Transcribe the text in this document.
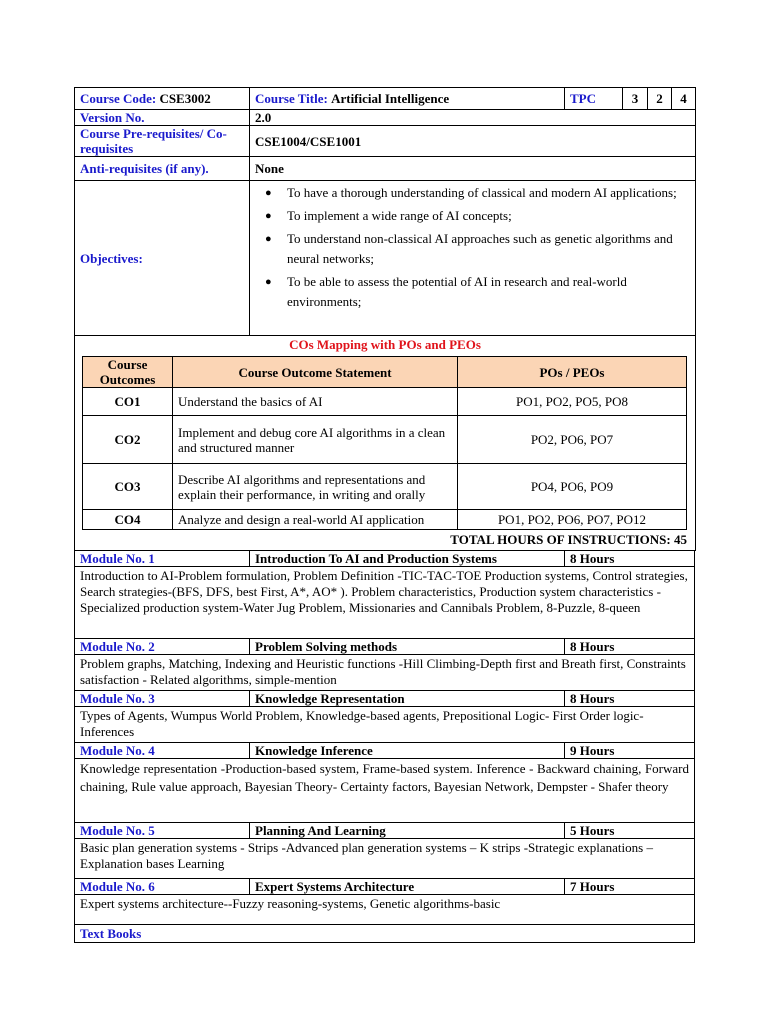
Course Code: CSE3002	Course Title: Artificial Intelligence	TPC	3	2	4
Version No.	2.0
Course Pre-requisites/ Co-requisites	CSE1004/CSE1001
Anti-requisites (if any).	None
Objectives:	
● To have a thorough understanding of classical and modern AI applications;
● To implement a wide range of AI concepts;
● To understand non-classical AI approaches such as genetic algorithms and neural networks;
● To be able to assess the potential of AI in research and real-world environments;

COs Mapping with POs and PEOs
Course Outcomes	Course Outcome Statement	POs / PEOs
CO1	Understand the basics of AI	PO1, PO2, PO5, PO8
CO2	Implement and debug core AI algorithms in a clean and structured manner	PO2, PO6, PO7
CO3	Describe AI algorithms and representations and explain their performance, in writing and orally	PO4, PO6, PO9
CO4	Analyze and design a real-world AI application	PO1, PO2, PO6, PO7, PO12
TOTAL HOURS OF INSTRUCTIONS: 45
Module No. 1	Introduction To AI and Production Systems	8 Hours
Introduction to AI-Problem formulation, Problem Definition -TIC-TAC-TOE Production systems, Control strategies, Search strategies-(BFS, DFS, best First, A*, AO* ). Problem characteristics, Production system characteristics -Specialized production system-Water Jug Problem, Missionaries and Cannibals Problem, 8-Puzzle, 8-queen		
Module No. 2	Problem Solving methods	8 Hours
Problem graphs, Matching, Indexing and Heuristic functions -Hill Climbing-Depth first and Breath first, Constraints satisfaction - Related algorithms, simple-mention		
Module No. 3	Knowledge Representation	8 Hours
Types of Agents, Wumpus World Problem, Knowledge-based agents, Prepositional Logic- First Order logic- Inferences		
Module No. 4	Knowledge Inference	9 Hours
Knowledge representation -Production-based system, Frame-based system. Inference - Backward chaining, Forward chaining, Rule value approach, Bayesian Theory- Certainty factors, Bayesian Network, Dempster - Shafer theory		
Module No. 5	Planning And Learning	5 Hours
Basic plan generation systems - Strips -Advanced plan generation systems – K strips -Strategic explanations – Explanation bases Learning		
Module No. 6	Expert Systems Architecture	7 Hours
Expert systems architecture--Fuzzy reasoning-systems, Genetic algorithms-basic		
Text Books		
